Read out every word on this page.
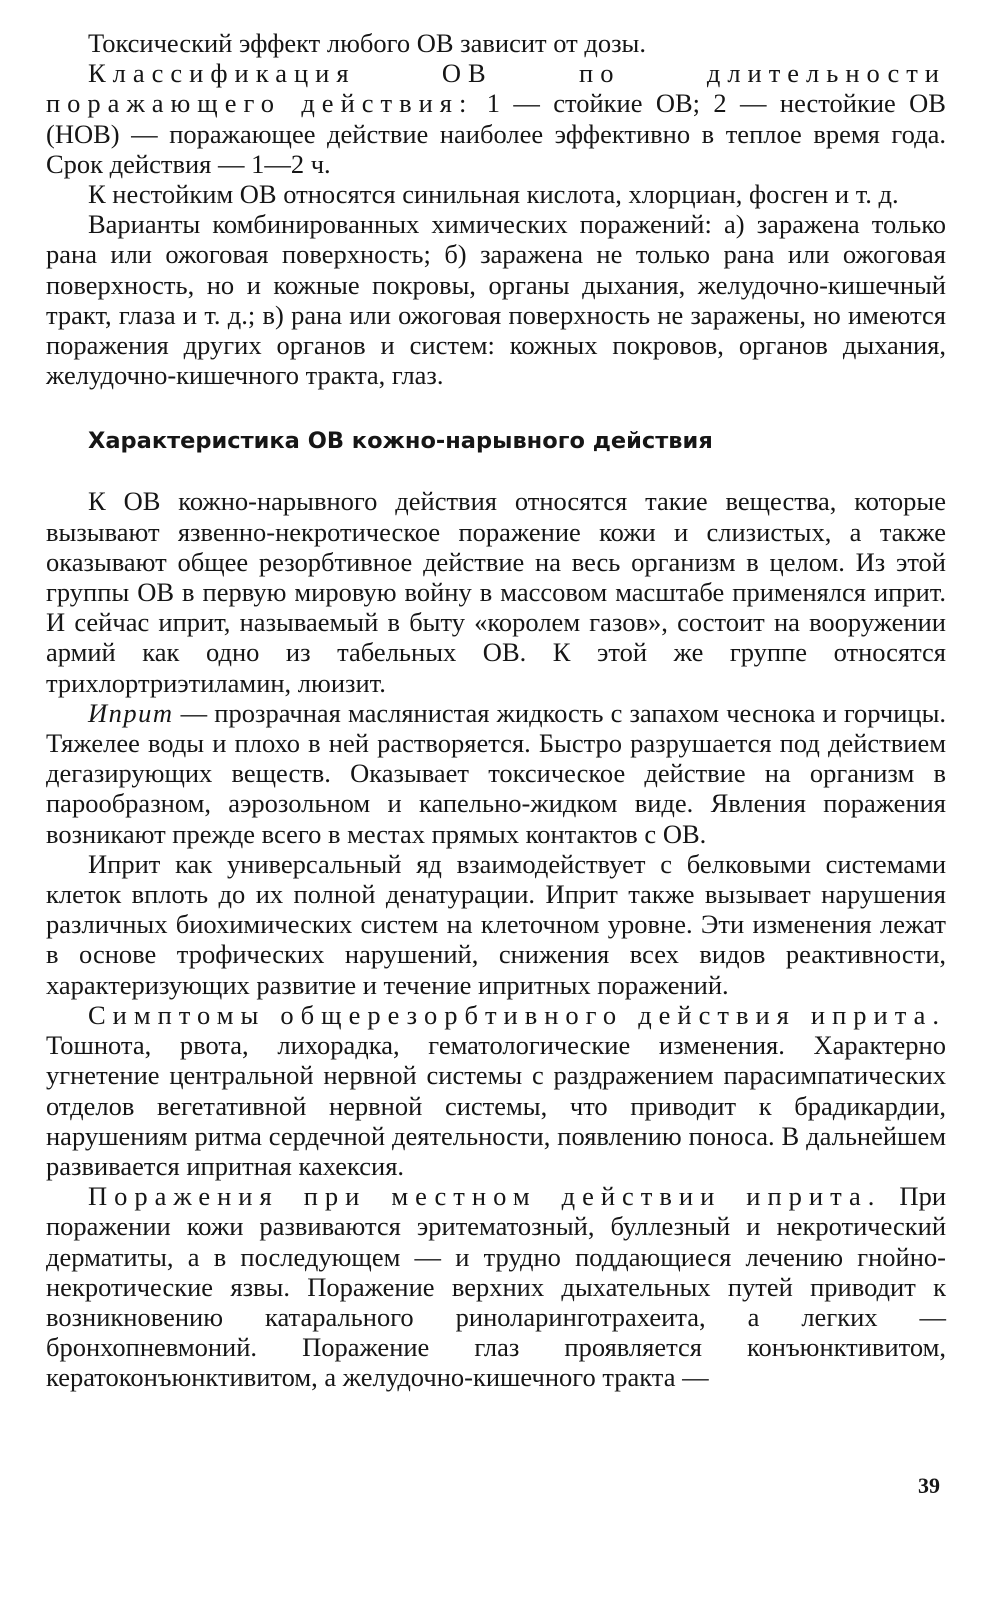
Токсический эффект любого ОВ зависит от дозы.

Классификация ОВ по длительности поражающего действия: 1 — стойкие ОВ; 2 — нестойкие ОВ (НОВ) — поражающее действие наиболее эффективно в теплое время года. Срок действия — 1—2 ч.

К нестойким ОВ относятся синильная кислота, хлорциан, фосген и т. д.

Варианты комбинированных химических поражений: а) заражена только рана или ожоговая поверхность; б) заражена не только рана или ожоговая поверхность, но и кожные покровы, органы дыхания, желудочно-кишечный тракт, глаза и т. д.; в) рана или ожоговая поверхность не заражены, но имеются поражения других органов и систем: кожных покровов, органов дыхания, желудочно-кишечного тракта, глаз.

Характеристика ОВ кожно-нарывного действия

К ОВ кожно-нарывного действия относятся такие вещества, которые вызывают язвенно-некротическое поражение кожи и слизистых, а также оказывают общее резорбтивное действие на весь организм в целом. Из этой группы ОВ в первую мировую войну в массовом масштабе применялся иприт. И сейчас иприт, называемый в быту «королем газов», состоит на вооружении армий как одно из табельных ОВ. К этой же группе относятся трихлортриэтиламин, люизит.

Иприт — прозрачная маслянистая жидкость с запахом чеснока и горчицы. Тяжелее воды и плохо в ней растворяется. Быстро разрушается под действием дегазирующих веществ. Оказывает токсическое действие на организм в парообразном, аэрозольном и капельно-жидком виде. Явления поражения возникают прежде всего в местах прямых контактов с ОВ.

Иприт как универсальный яд взаимодействует с белковыми системами клеток вплоть до их полной денатурации. Иприт также вызывает нарушения различных биохимических систем на клеточном уровне. Эти изменения лежат в основе трофических нарушений, снижения всех видов реактивности, характеризующих развитие и течение ипритных поражений.

Симптомы общерезорбтивного действия иприта. Тошнота, рвота, лихорадка, гематологические изменения. Характерно угнетение центральной нервной системы с раздражением парасимпатических отделов вегетативной нервной системы, что приводит к брадикардии, нарушениям ритма сердечной деятельности, появлению поноса. В дальнейшем развивается ипритная кахексия.

Поражения при местном действии иприта. При поражении кожи развиваются эритематозный, буллезный и некротический дерматиты, а в последующем — и трудно поддающиеся лечению гнойно-некротические язвы. Поражение верхних дыхательных путей приводит к возникновению катарального риноларинготрахеита, а легких — бронхопневмоний. Поражение глаз проявляется конъюнктивитом, кератоконъюнктивитом, а желудочно-кишечного тракта —

39
